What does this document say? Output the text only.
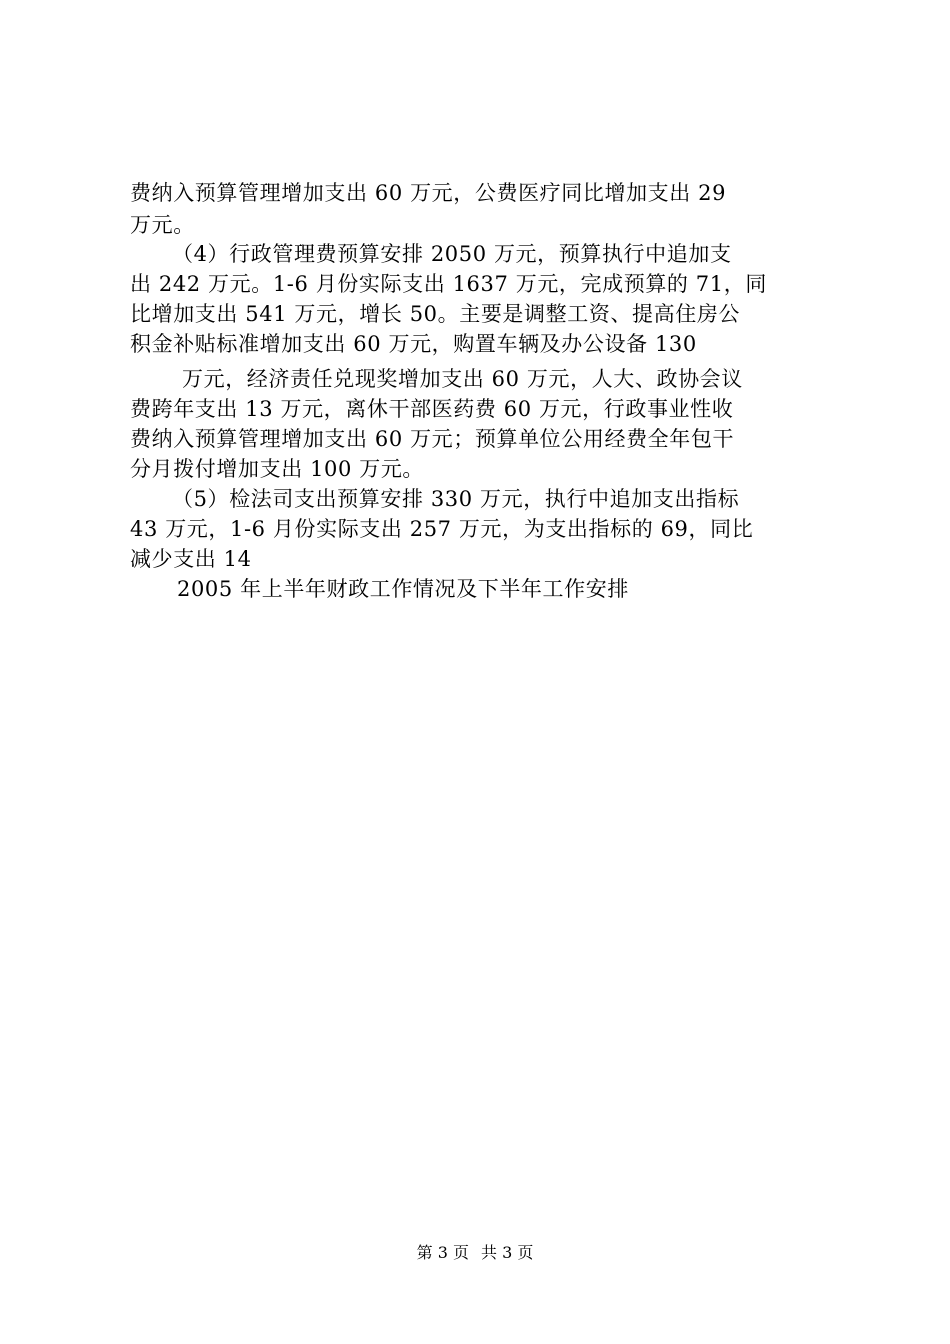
费纳入预算管理增加支出 60 万元，公费医疗同比增加支出 29
万元。
（4）行政管理费预算安排 2050 万元，预算执行中追加支
出 242 万元。1-6 月份实际支出 1637 万元，完成预算的 71，同
比增加支出 541 万元，增长 50。主要是调整工资、提高住房公
积金补贴标准增加支出 60 万元，购置车辆及办公设备 130
万元，经济责任兑现奖增加支出 60 万元，人大、政协会议
费跨年支出 13 万元，离休干部医药费 60 万元，行政事业性收
费纳入预算管理增加支出 60 万元；预算单位公用经费全年包干
分月拨付增加支出 100 万元。
（5）检法司支出预算安排 330 万元，执行中追加支出指标
43 万元，1-6 月份实际支出 257 万元，为支出指标的 69，同比
减少支出 14
2005 年上半年财政工作情况及下半年工作安排
第 3 页 共 3 页
